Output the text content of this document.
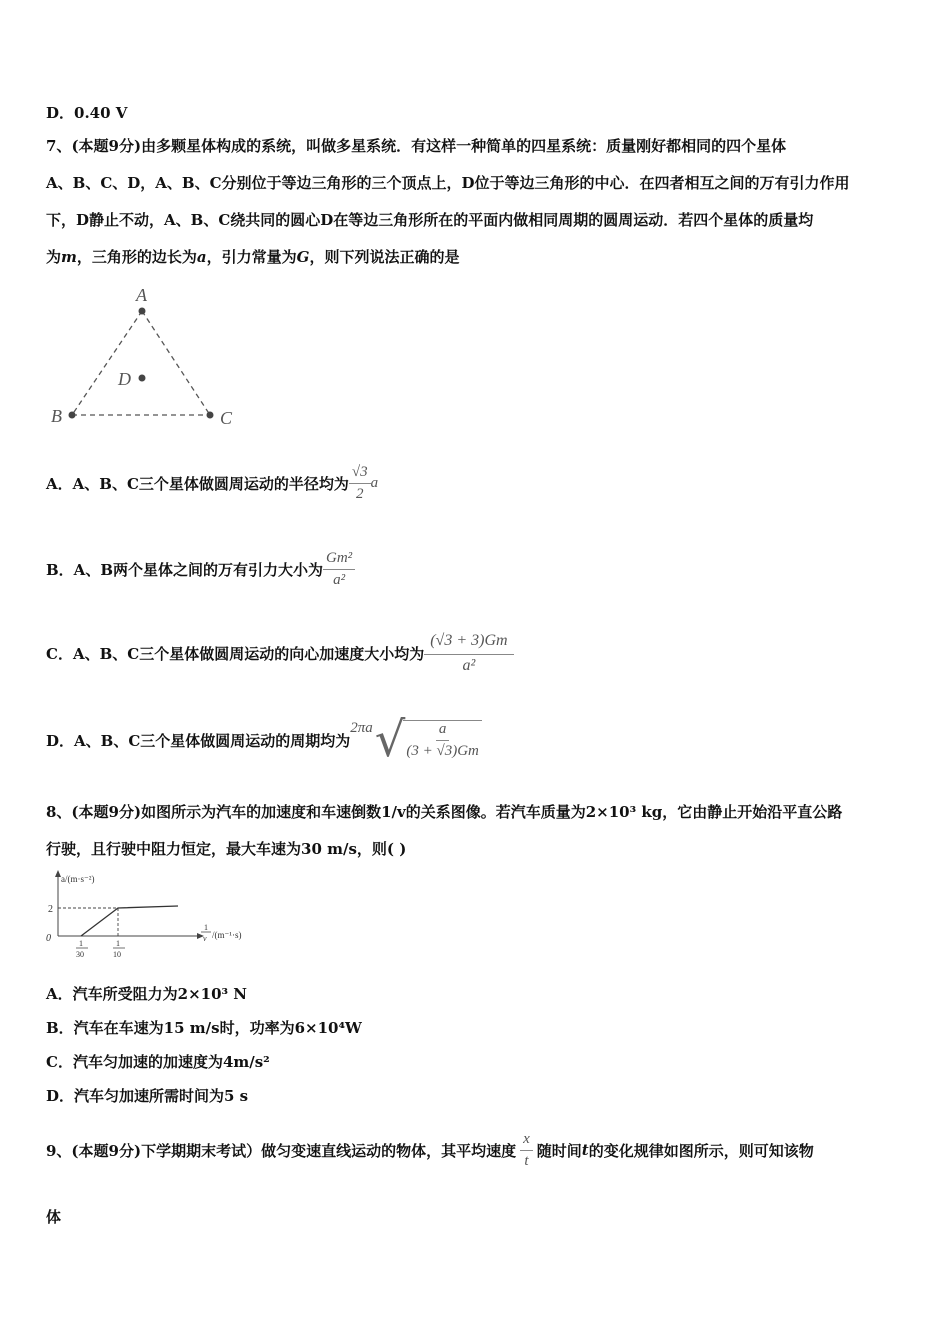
D．0.40 V
7、(本题9分)由多颗星体构成的系统，叫做多星系统．有这样一种简单的四星系统：质量刚好都相同的四个星体
A、B、C、D，A、B、C分别位于等边三角形的三个顶点上，D位于等边三角形的中心．在四者相互之间的万有引力作用
下，D静止不动，A、B、C绕共同的圆心D在等边三角形所在的平面内做相同周期的圆周运动．若四个星体的质量均
为m，三角形的边长为a，引力常量为G，则下列说法正确的是
A
B	C
D
A．A、B、C三个星体做圆周运动的半径均为 $\frac{√3}{2}$ a
B．A、B两个星体之间的万有引力大小为 $\frac{\text{Gm²}}{\text{a²}}$
C．A、B、C三个星体做圆周运动的向心加速度大小均为 $\frac{(√3 + 3)Gm}{\text{a²}}$
D．A、B、C三个星体做圆周运动的周期均为
2πa √
$\frac{a}{(3 + √3)Gm}$
8、(本题9分)如图所示为汽车的加速度和车速倒数1/v的关系图像。若汽车质量为2×10³ kg，它由静止开始沿平直公路
行驶，且行驶中阻力恒定，最大车速为30 m/s，则( )
a/(m·s⁻²)
0
2
1
30
1
10
1
v /(m⁻¹·s)
A．汽车所受阻力为2×10³ N
B．汽车在车速为15 m/s时，功率为6×10⁴W
C．汽车匀加速的加速度为4m/s²
D．汽车匀加速所需时间为5 s
9、(本题9分)下学期期末考试）做匀变速直线运动的物体，其平均速度 $\frac{x}{t}$ 随时间 t 的变化规律如图所示，则可知该物
体
